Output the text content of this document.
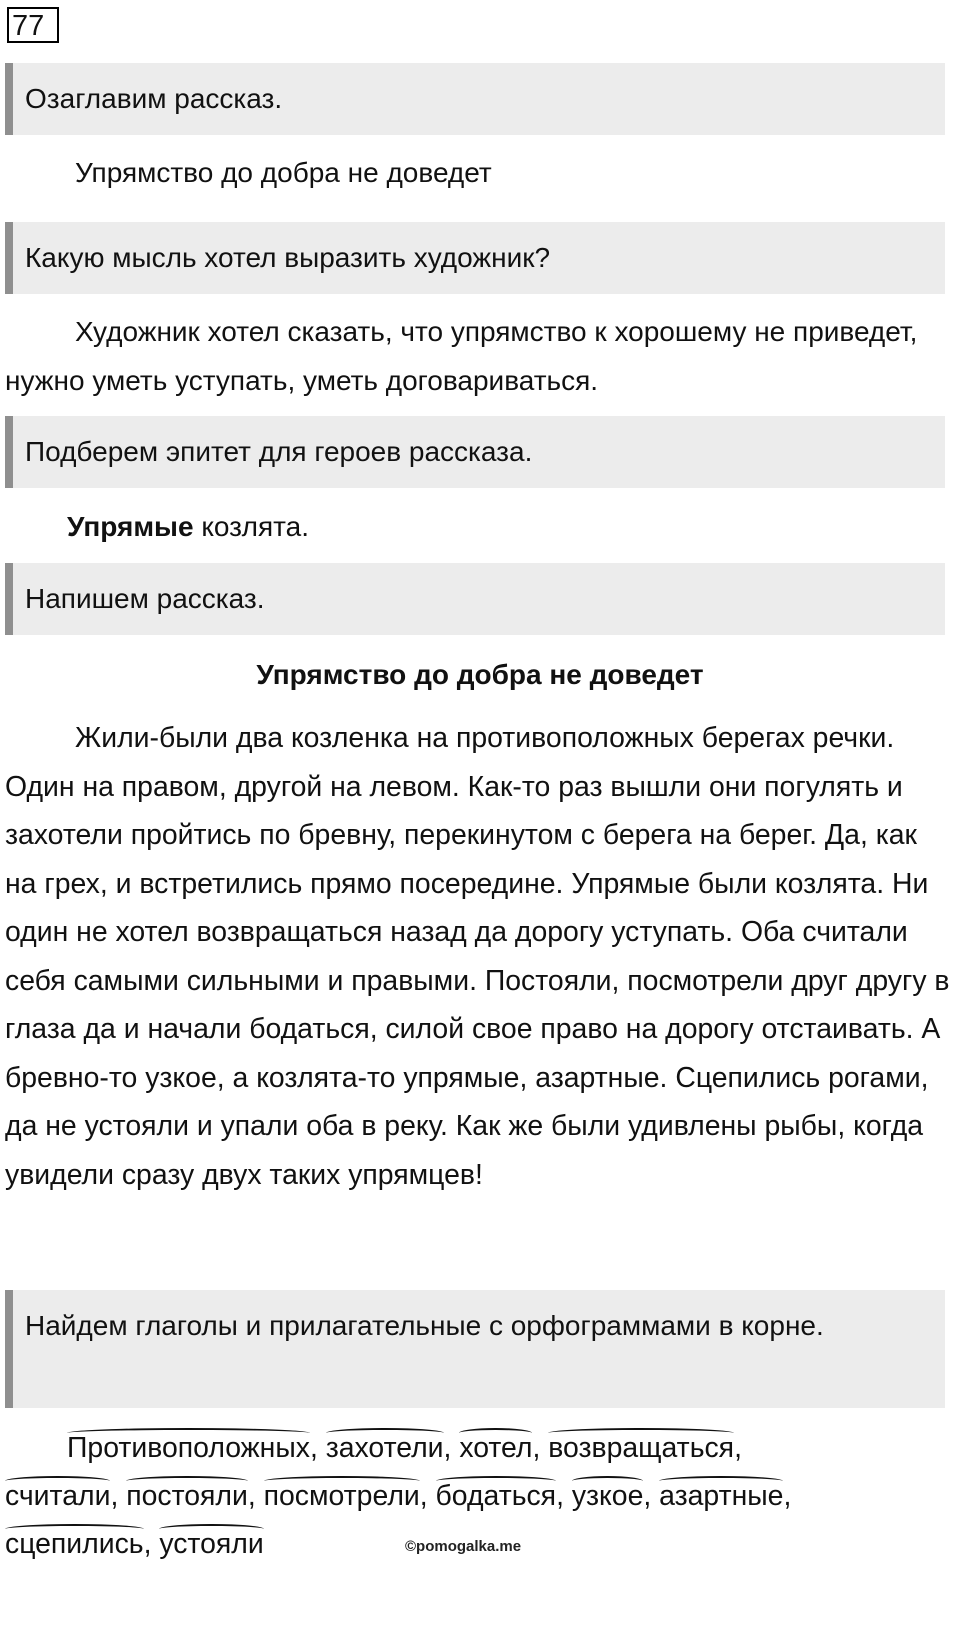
77
Озаглавим рассказ.
Упрямство до добра не доведет
Какую мысль хотел выразить художник?
Художник хотел сказать, что упрямство к хорошему не приведет, нужно уметь уступать, уметь договариваться.
Подберем эпитет для героев рассказа.
Упрямые козлята.
Напишем рассказ.
Упрямство до добра не доведет
Жили-были два козленка на противоположных берегах речки. Один на правом, другой на левом. Как-то раз вышли они погулять и захотели пройтись по бревну, перекинутом с берега на берег. Да, как на грех, и встретились прямо посередине. Упрямые были козлята. Ни один не хотел возвращаться назад да дорогу уступать. Оба считали себя самыми сильными и правыми. Постояли, посмотрели друг другу в глаза да и начали бодаться, силой свое право на дорогу отстаивать. А бревно-то узкое, а козлята-то упрямые, азартные. Сцепились рогами, да не устояли и упали оба в реку. Как же были удивлены рыбы, когда увидели сразу двух таких упрямцев!
Найдем глаголы и прилагательные с орфограммами в корне.
Противоположных,
захотели,
хотел,
возвращаться,
считали,
постояли,
посмотрели,
бодаться,
узкое,
азартные,
сцепились,
устояли	©pomogalka.me
